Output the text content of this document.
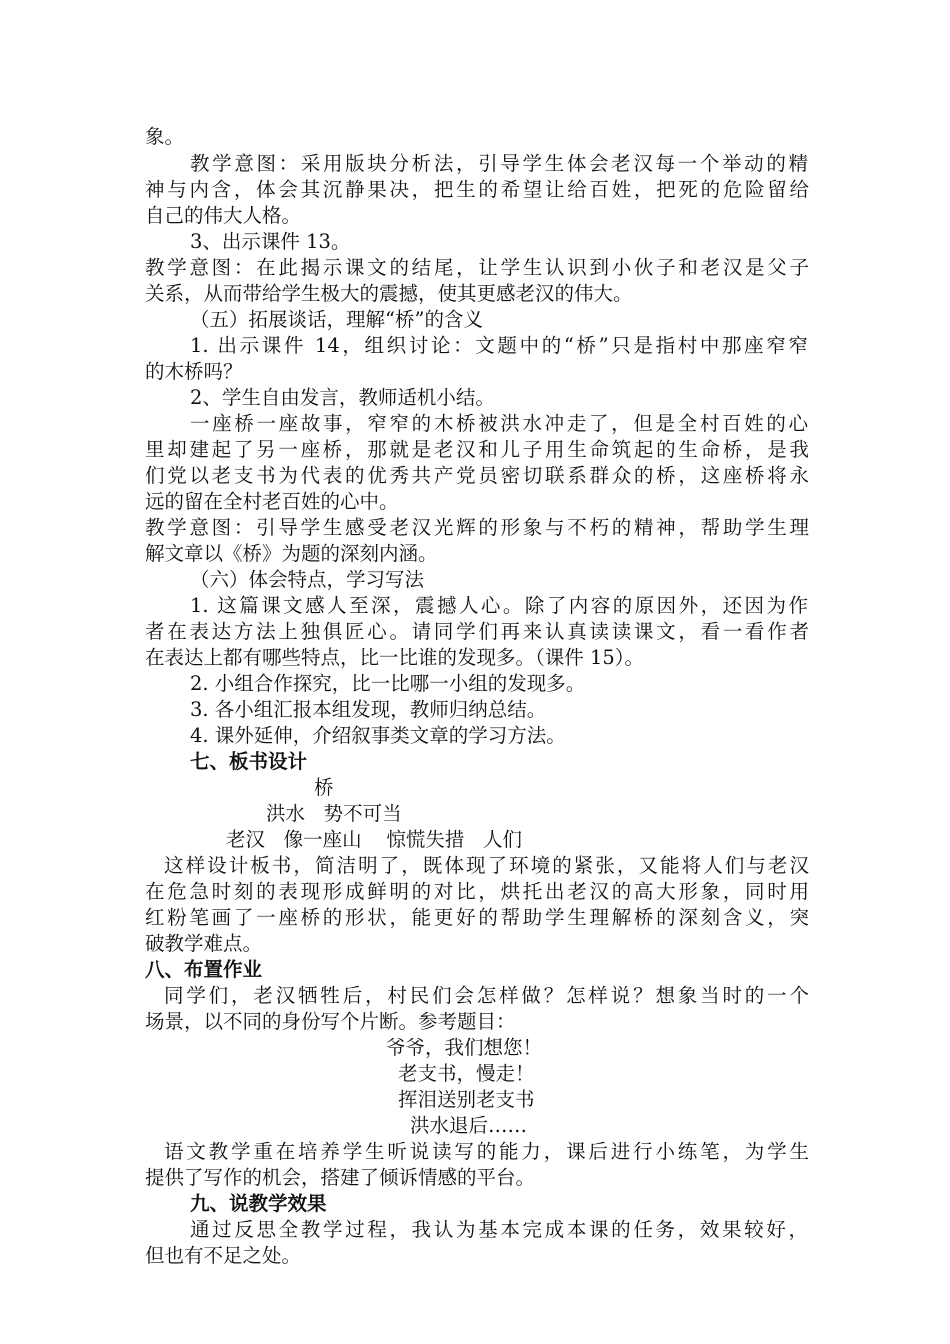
象。

教学意图：采用版块分析法，引导学生体会老汉每一个举动的精

神与内含，体会其沉静果决，把生的希望让给百姓，把死的危险留给

自己的伟大人格。

3、出示课件 13。

教学意图：在此揭示课文的结尾，让学生认识到小伙子和老汉是父子

关系，从而带给学生极大的震撼，使其更感老汉的伟大。

（五）拓展谈话，理解“桥”的含义

1. 出示课件 14，组织讨论：文题中的“桥”只是指村中那座窄窄

的木桥吗？

2、学生自由发言，教师适机小结。

一座桥一座故事，窄窄的木桥被洪水冲走了，但是全村百姓的心

里却建起了另一座桥，那就是老汉和儿子用生命筑起的生命桥，是我

们党以老支书为代表的优秀共产党员密切联系群众的桥，这座桥将永

远的留在全村老百姓的心中。

教学意图：引导学生感受老汉光辉的形象与不朽的精神，帮助学生理

解文章以《桥》为题的深刻内涵。

（六）体会特点，学习写法

1. 这篇课文感人至深，震撼人心。除了内容的原因外，还因为作

者在表达方法上独俱匠心。请同学们再来认真读读课文，看一看作者

在表达上都有哪些特点，比一比谁的发现多。（课件 15）。

2. 小组合作探究，比一比哪一小组的发现多。

3. 各小组汇报本组发现，教师归纳总结。

4. 课外延伸，介绍叙事类文章的学习方法。

七、板书设计

桥

洪水   势不可当

老汉   像一座山    惊慌失措   人们

这样设计板书，简洁明了，既体现了环境的紧张，又能将人们与老汉

在危急时刻的表现形成鲜明的对比，烘托出老汉的高大形象，同时用

红粉笔画了一座桥的形状，能更好的帮助学生理解桥的深刻含义，突

破教学难点。

八、布置作业

同学们，老汉牺牲后，村民们会怎样做？怎样说？想象当时的一个

场景，以不同的身份写个片断。参考题目：

爷爷，我们想您！

老支书，慢走！

挥泪送别老支书

洪水退后……

语文教学重在培养学生听说读写的能力，课后进行小练笔，为学生

提供了写作的机会，搭建了倾诉情感的平台。

九、说教学效果

通过反思全教学过程，我认为基本完成本课的任务，效果较好，

但也有不足之处。
